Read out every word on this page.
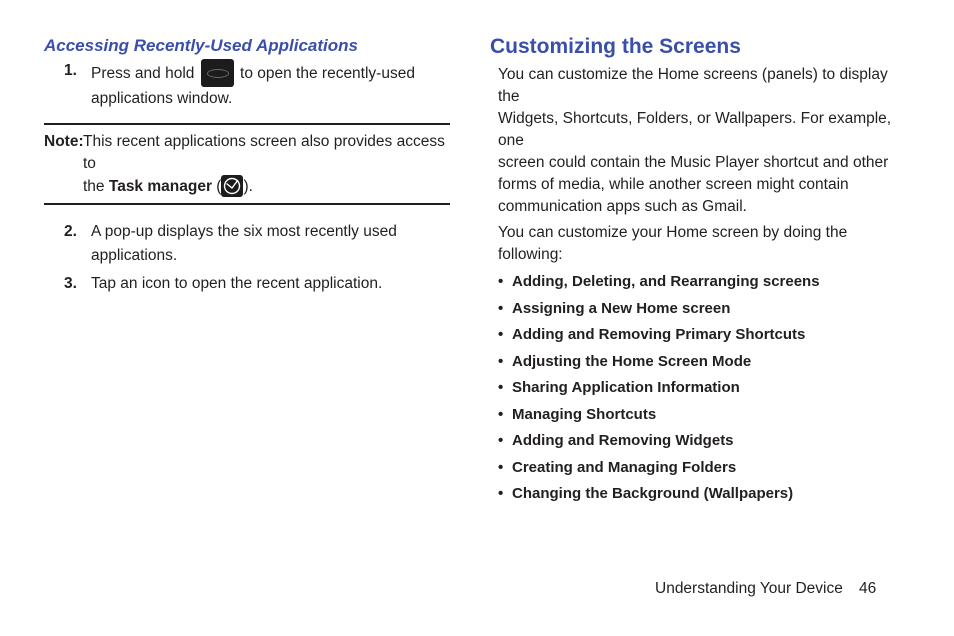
Accessing Recently-Used Applications

1. Press and hold	to open the recently-used
applications window.

Note: This recent applications screen also provides access to
the Task manager ( ).

2. A pop-up displays the six most recently used
applications.

3. Tap an icon to open the recent application.

Customizing the Screens

You can customize the Home screens (panels) to display the
Widgets, Shortcuts, Folders, or Wallpapers. For example, one
screen could contain the Music Player shortcut and other
forms of media, while another screen might contain
communication apps such as Gmail.

You can customize your Home screen by doing the following:

• Adding, Deleting, and Rearranging screens
• Assigning a New Home screen
• Adding and Removing Primary Shortcuts
• Adjusting the Home Screen Mode
• Sharing Application Information
• Managing Shortcuts
• Adding and Removing Widgets
• Creating and Managing Folders
• Changing the Background (Wallpapers)
Understanding Your Device 46
